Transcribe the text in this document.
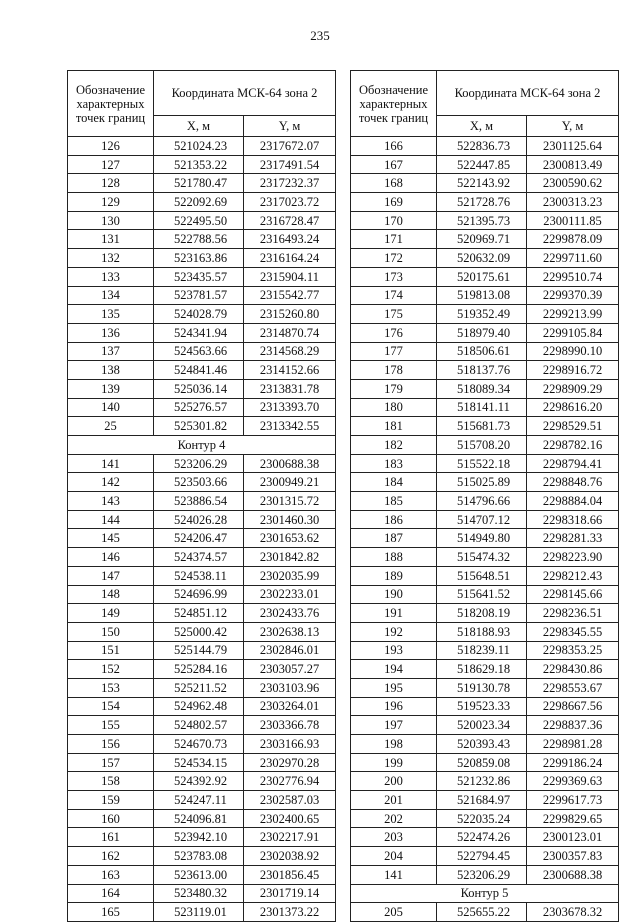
235
Обозначение характерных точек границ	Координата МСК-64 зона 2	
	X, м	Y, м
126	521024.23	2317672.07
127	521353.22	2317491.54
128	521780.47	2317232.37
129	522092.69	2317023.72
130	522495.50	2316728.47
131	522788.56	2316493.24
132	523163.86	2316164.24
133	523435.57	2315904.11
134	523781.57	2315542.77
135	524028.79	2315260.80
136	524341.94	2314870.74
137	524563.66	2314568.29
138	524841.46	2314152.66
139	525036.14	2313831.78
140	525276.57	2313393.70
25	525301.82	2313342.55
Контур 4		
141	523206.29	2300688.38
142	523503.66	2300949.21
143	523886.54	2301315.72
144	524026.28	2301460.30
145	524206.47	2301653.62
146	524374.57	2301842.82
147	524538.11	2302035.99
148	524696.99	2302233.01
149	524851.12	2302433.76
150	525000.42	2302638.13
151	525144.79	2302846.01
152	525284.16	2303057.27
153	525211.52	2303103.96
154	524962.48	2303264.01
155	524802.57	2303366.78
156	524670.73	2303166.93
157	524534.15	2302970.28
158	524392.92	2302776.94
159	524247.11	2302587.03
160	524096.81	2302400.65
161	523942.10	2302217.91
162	523783.08	2302038.92
163	523613.00	2301856.45
164	523480.32	2301719.14
165	523119.01	2301373.22
Обозначение характерных точек границ	Координата МСК-64 зона 2	
	X, м	Y, м
166	522836.73	2301125.64
167	522447.85	2300813.49
168	522143.92	2300590.62
169	521728.76	2300313.23
170	521395.73	2300111.85
171	520969.71	2299878.09
172	520632.09	2299711.60
173	520175.61	2299510.74
174	519813.08	2299370.39
175	519352.49	2299213.99
176	518979.40	2299105.84
177	518506.61	2298990.10
178	518137.76	2298916.72
179	518089.34	2298909.29
180	518141.11	2298616.20
181	515681.73	2298529.51
182	515708.20	2298782.16
183	515522.18	2298794.41
184	515025.89	2298848.76
185	514796.66	2298884.04
186	514707.12	2298318.66
187	514949.80	2298281.33
188	515474.32	2298223.90
189	515648.51	2298212.43
190	515641.52	2298145.66
191	518208.19	2298236.51
192	518188.93	2298345.55
193	518239.11	2298353.25
194	518629.18	2298430.86
195	519130.78	2298553.67
196	519523.33	2298667.56
197	520023.34	2298837.36
198	520393.43	2298981.28
199	520859.08	2299186.24
200	521232.86	2299369.63
201	521684.97	2299617.73
202	522035.24	2299829.65
203	522474.26	2300123.01
204	522794.45	2300357.83
141	523206.29	2300688.38
Контур 5		
205	525655.22	2303678.32
